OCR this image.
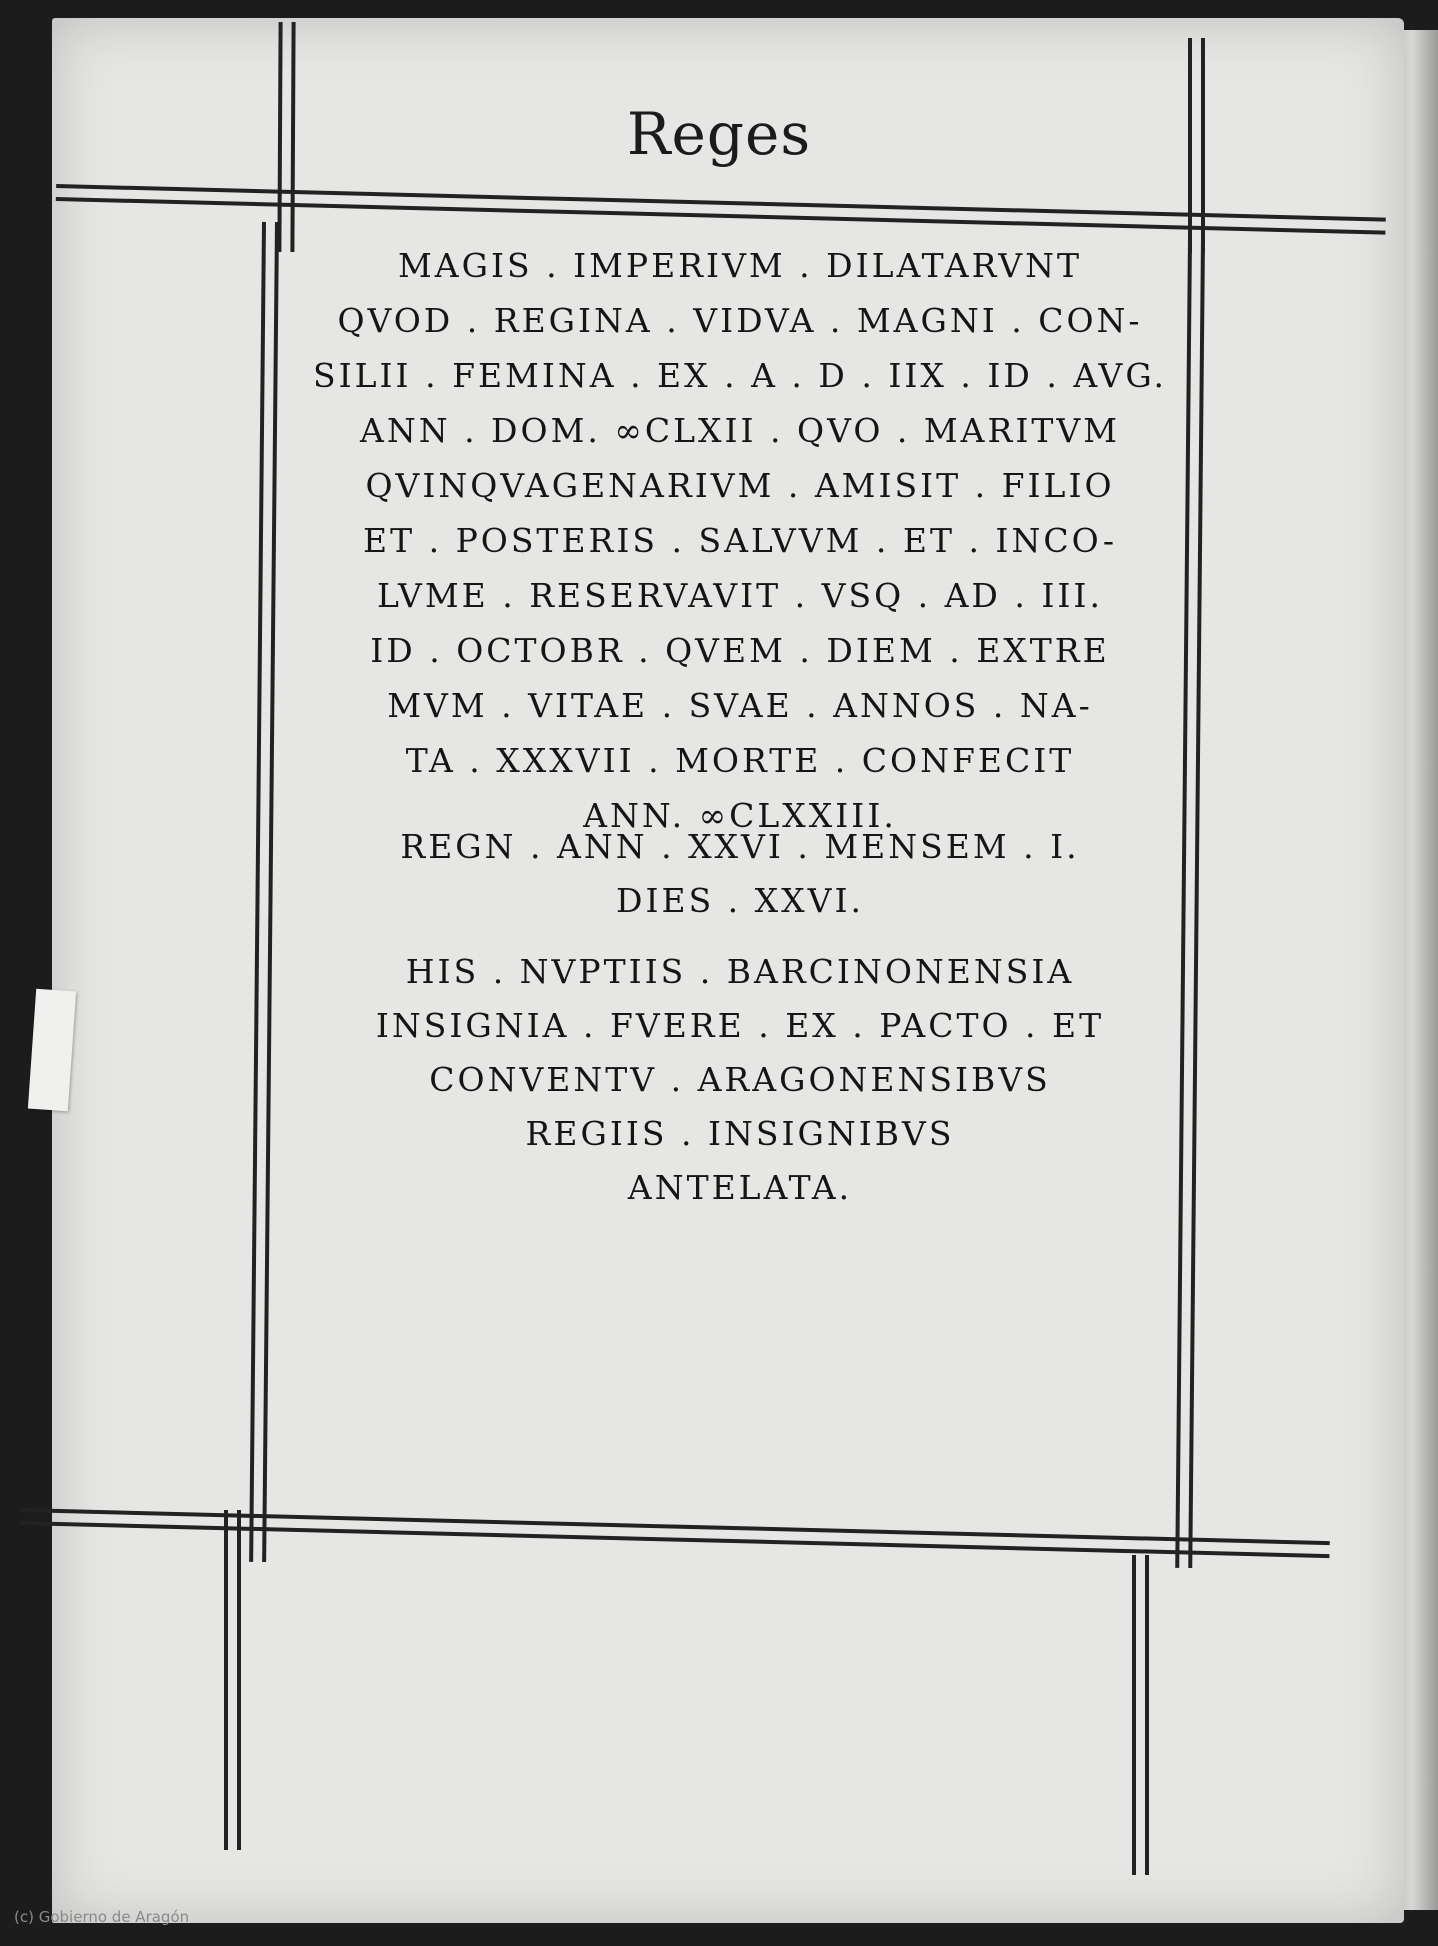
Reges
MAGIS . IMPERIVM . DILATARVNT
QVOD . REGINA . VIDVA . MAGNI . CON-
SILII . FEMINA . EX . A . D . IIX . ID . AVG.
ANN . DOM. ∞CLXII . QVO . MARITVM
QVINQVAGENARIVM . AMISIT . FILIO
ET . POSTERIS . SALVVM . ET . INCO-
LVME . RESERVAVIT . VSQ . AD . III.
ID . OCTOBR . QVEM . DIEM . EXTRE
MVM . VITAE . SVAE . ANNOS . NA-
TA . XXXVII . MORTE . CONFECIT
ANN. ∞CLXXIII.
REGN . ANN . XXVI . MENSEM . I.
DIES . XXVI.
HIS . NVPTIIS . BARCINONENSIA
INSIGNIA . FVERE . EX . PACTO . ET
CONVENTV . ARAGONENSIBVS
REGIIS . INSIGNIBVS
ANTELATA.
(c) Gobierno de Aragón
